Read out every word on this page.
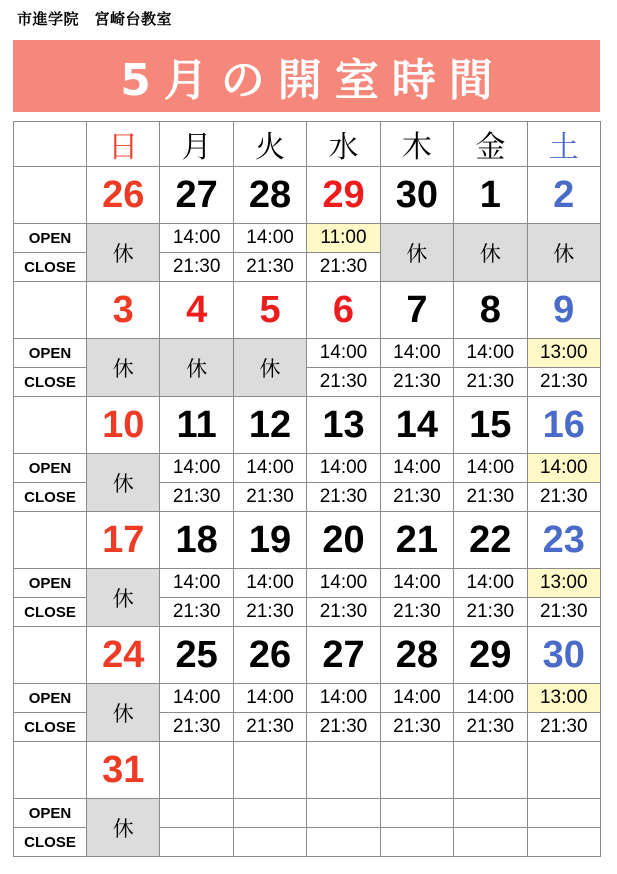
市進学院　宮崎台教室
5月の開室時間
	日	月	火	水	木	金	土
	26	27	28	29	30	1	2
OPEN	休	14:00	14:00	11:00	休	休	休
CLOSE		21:30	21:30	21:30			
	3	4	5	6	7	8	9
OPEN	休	休	休	14:00	14:00	14:00	13:00
CLOSE				21:30	21:30	21:30	21:30
	10	11	12	13	14	15	16
OPEN	休	14:00	14:00	14:00	14:00	14:00	14:00
CLOSE		21:30	21:30	21:30	21:30	21:30	21:30
	17	18	19	20	21	22	23
OPEN	休	14:00	14:00	14:00	14:00	14:00	13:00
CLOSE		21:30	21:30	21:30	21:30	21:30	21:30
	24	25	26	27	28	29	30
OPEN	休	14:00	14:00	14:00	14:00	14:00	13:00
CLOSE		21:30	21:30	21:30	21:30	21:30	21:30
	31						
OPEN	休						
CLOSE							
